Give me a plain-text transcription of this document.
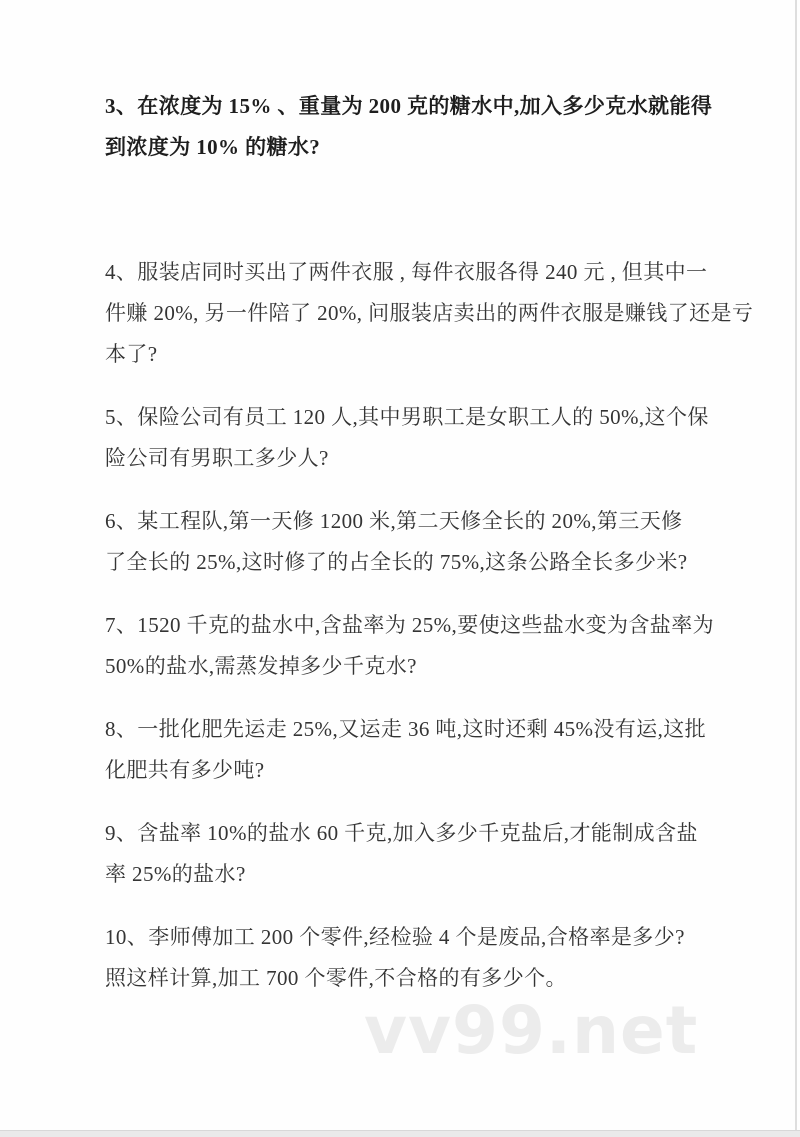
3、在浓度为 15% 、重量为 200 克的糖水中,加入多少克水就能得
到浓度为 10% 的糖水?
4、服装店同时买出了两件衣服 , 每件衣服各得 240 元 , 但其中一
件赚 20%, 另一件陪了 20%, 问服装店卖出的两件衣服是赚钱了还是亏
本了?
5、保险公司有员工 120 人,其中男职工是女职工人的 50%,这个保
险公司有男职工多少人?
6、某工程队,第一天修 1200 米,第二天修全长的 20%,第三天修
了全长的 25%,这时修了的占全长的 75%,这条公路全长多少米?
7、1520 千克的盐水中,含盐率为 25%,要使这些盐水变为含盐率为
50%的盐水,需蒸发掉多少千克水?
8、一批化肥先运走 25%,又运走 36 吨,这时还剩 45%没有运,这批
化肥共有多少吨?
9、含盐率 10%的盐水 60 千克,加入多少千克盐后,才能制成含盐
率 25%的盐水?
10、李师傅加工 200 个零件,经检验 4 个是废品,合格率是多少?
照这样计算,加工 700 个零件,不合格的有多少个。
vv99.net
